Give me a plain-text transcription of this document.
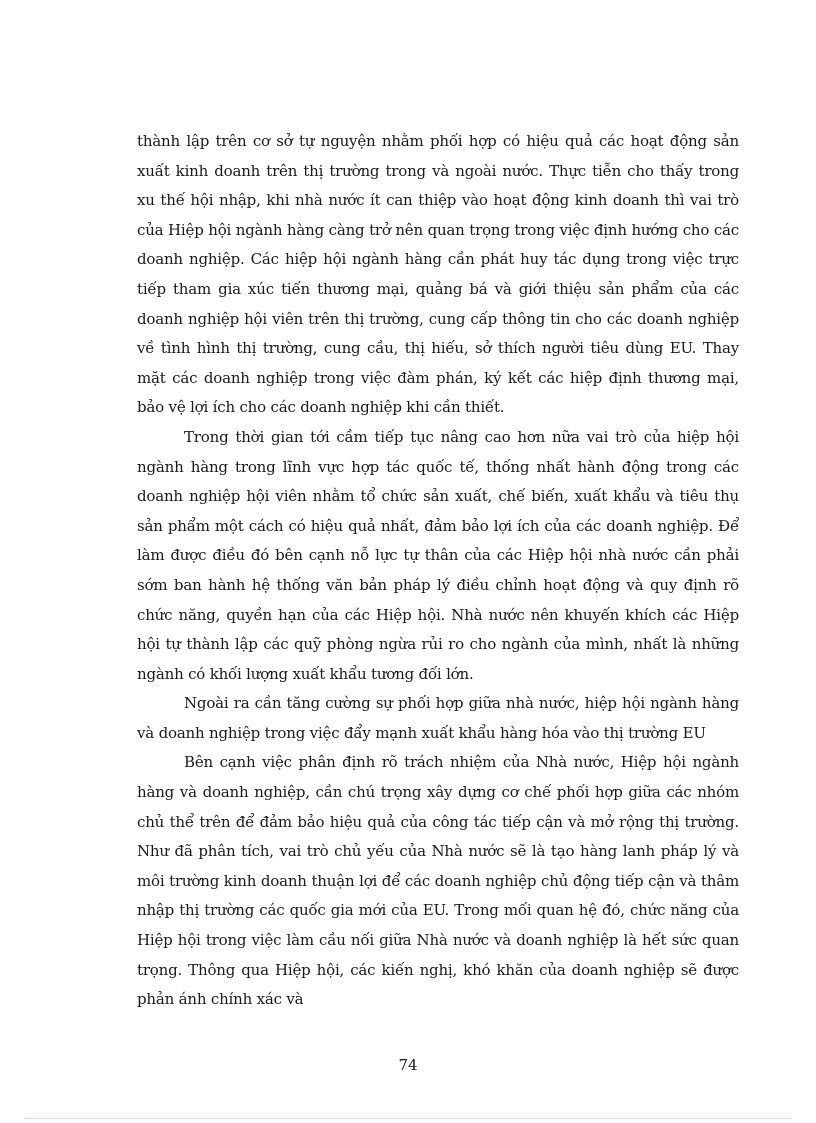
thành lập trên cơ sở tự nguyện nhằm phối hợp có hiệu quả các hoạt động sản xuất kinh doanh trên thị trường trong và ngoài nước. Thực tiễn cho thấy trong xu thế hội nhập, khi nhà nước ít can thiệp vào hoạt động kinh doanh thì vai trò của Hiệp hội ngành hàng càng trở nên quan trọng trong việc định hướng cho các doanh nghiệp. Các hiệp hội ngành hàng cần phát huy tác dụng trong việc trực tiếp tham gia xúc tiến thương mại, quảng bá và giới thiệu sản phẩm của các doanh nghiệp hội viên trên thị trường, cung cấp thông tin cho các doanh nghiệp về tình hình thị trường, cung cầu, thị hiếu, sở thích người tiêu dùng EU. Thay mặt các doanh nghiệp trong việc đàm phán, ký kết các hiệp định thương mại, bảo vệ lợi ích cho các doanh nghiệp khi cần thiết.

Trong thời gian tới cầm tiếp tục nâng cao hơn nữa vai trò của hiệp hội ngành hàng trong lĩnh vực hợp tác quốc tế, thống nhất hành động trong các doanh nghiệp hội viên nhằm tổ chức sản xuất, chế biến, xuất khẩu và tiêu thụ sản phẩm một cách có hiệu quả nhất, đảm bảo lợi ích của các doanh nghiệp. Để làm được điều đó bên cạnh nỗ lực tự thân của các Hiệp hội nhà nước cần phải sớm ban hành hệ thống văn bản pháp lý điều chỉnh hoạt động và quy định rõ chức năng, quyền hạn của các Hiệp hội. Nhà nước nên khuyến khích các Hiệp hội tự thành lập các quỹ phòng ngừa rủi ro cho ngành của mình, nhất là những ngành có khối lượng xuất khẩu tương đối lớn.

Ngoài ra cần tăng cường sự phối hợp giữa nhà nước, hiệp hội ngành hàng và doanh nghiệp trong việc đẩy mạnh xuất khẩu hàng hóa vào thị trường EU

Bên cạnh việc phân định rõ trách nhiệm của Nhà nước, Hiệp hội ngành hàng và doanh nghiệp, cần chú trọng xây dựng cơ chế phối hợp giữa các nhóm chủ thể trên để đảm bảo hiệu quả của công tác tiếp cận và mở rộng thị trường. Như đã phân tích, vai trò chủ yếu của Nhà nước sẽ là tạo hàng lanh pháp lý và môi trường kinh doanh thuận lợi để các doanh nghiệp chủ động tiếp cận và thâm nhập thị trường các quốc gia mới của EU. Trong mối quan hệ đó, chức năng của Hiệp hội trong việc làm cầu nối giữa Nhà nước và doanh nghiệp là hết sức quan trọng. Thông qua Hiệp hội, các kiến nghị, khó khăn của doanh nghiệp sẽ được phản ánh chính xác và

74
